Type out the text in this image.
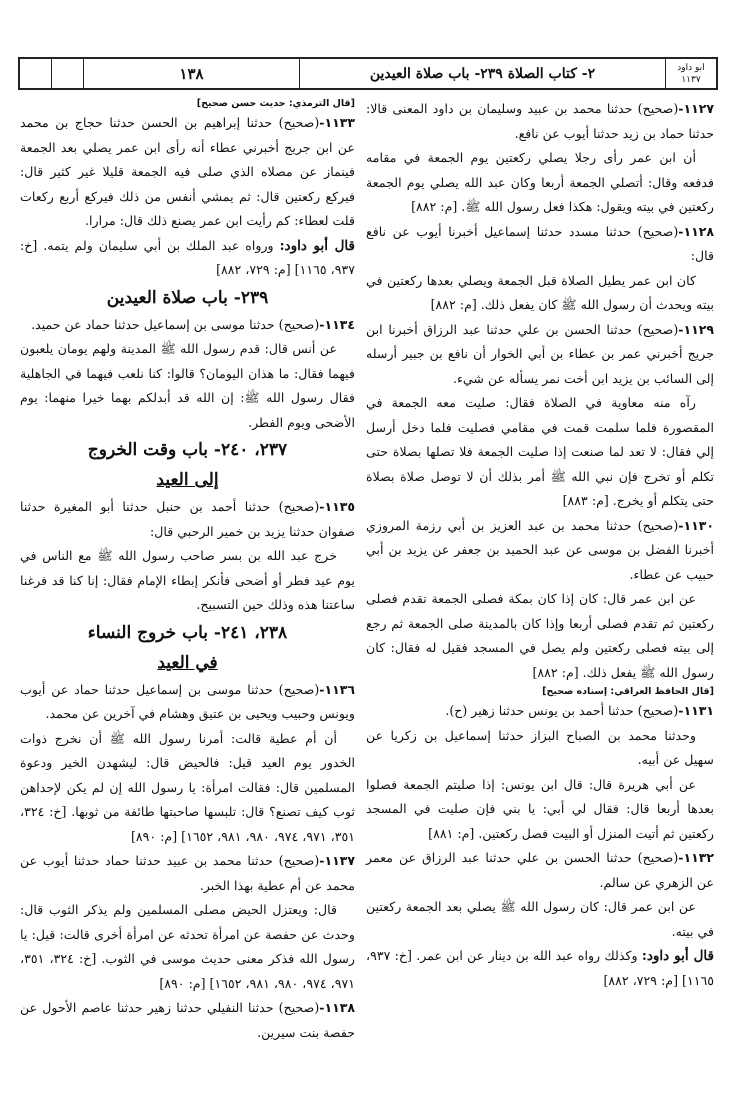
١٣٨	٢- كتاب الصلاة ٢٣٩- باب صلاة العيدين	ابو داود
١١٣٧

١١٢٧-(صحيح) حدثنا محمد بن عبيد وسليمان بن داود المعنى قالا: حدثنا حماد بن زيد حدثنا أيوب عن نافع.

أن ابن عمر رأى رجلا يصلي ركعتين يوم الجمعة في مقامه فدفعه وقال: أتصلي الجمعة أربعا وكان عبد الله يصلي يوم الجمعة ركعتين في بيته ويقول: هكذا فعل رسول الله ﷺ. [م: ٨٨٢]

١١٢٨-(صحيح) حدثنا مسدد حدثنا إسماعيل أخبرنا أيوب عن نافع قال:

كان ابن عمر يطيل الصلاة قبل الجمعة ويصلي بعدها ركعتين في بيته ويحدث أن رسول الله ﷺ كان يفعل ذلك. [م: ٨٨٢]

١١٢٩-(صحيح) حدثنا الحسن بن علي حدثنا عبد الرزاق أخبرنا ابن جريج أخبرني عمر بن عطاء بن أبي الخوار أن نافع بن جبير أرسله إلى السائب بن يزيد ابن أخت نمر يسأله عن شيء.

رآه منه معاوية في الصلاة فقال: صليت معه الجمعة في المقصورة فلما سلمت قمت في مقامي فصليت فلما دخل أرسل إلي فقال: لا تعد لما صنعت إذا صليت الجمعة فلا تصلها بصلاة حتى تكلم أو تخرج فإن نبي الله ﷺ أمر بذلك أن لا توصل صلاة بصلاة حتى يتكلم أو يخرج. [م: ٨٨٣]

١١٣٠-(صحيح) حدثنا محمد بن عبد العزيز بن أبي رزمة المروزي أخبرنا الفضل بن موسى عن عبد الحميد بن جعفر عن يزيد بن أبي حبيب عن عطاء.

عن ابن عمر قال: كان إذا كان بمكة فصلى الجمعة تقدم فصلى ركعتين ثم تقدم فصلى أربعا وإذا كان بالمدينة صلى الجمعة ثم رجع إلى بيته فصلى ركعتين ولم يصل في المسجد فقيل له فقال: كان رسول الله ﷺ يفعل ذلك. [م: ٨٨٢]

[قال الحافظ العراقي: إسناده صحيح]

١١٣١-(صحيح) حدثنا أحمد بن يونس حدثنا زهير (ح).

وحدثنا محمد بن الصباح البزاز حدثنا إسماعيل بن زكريا عن سهيل عن أبيه.

عن أبي هريرة قال: قال ابن يونس: إذا صليتم الجمعة فصلوا بعدها أربعا قال: فقال لي أبي: يا بني فإن صليت في المسجد ركعتين ثم أتيت المنزل أو البيت فصل ركعتين. [م: ٨٨١]

١١٣٢-(صحيح) حدثنا الحسن بن علي حدثنا عبد الرزاق عن معمر عن الزهري عن سالم.

عن ابن عمر قال: كان رسول الله ﷺ يصلي بعد الجمعة ركعتين في بيته.

قال أبو داود: وكذلك رواه عبد الله بن دينار عن ابن عمر. [خ: ٩٣٧، ١١٦٥] [م: ٧٢٩، ٨٨٢]

[قال الترمذي: حديث حسن صحيح]

١١٣٣-(صحيح) حدثنا إبراهيم بن الحسن حدثنا حجاج بن محمد عن ابن جريج أخبرني عطاء أنه رأى ابن عمر يصلي بعد الجمعة فينماز عن مصلاه الذي صلى فيه الجمعة قليلا غير كثير قال: فيركع ركعتين قال: ثم يمشي أنفس من ذلك فيركع أربع ركعات قلت لعطاء: كم رأيت ابن عمر يصنع ذلك قال: مرارا.

قال أبو داود: ورواه عبد الملك بن أبي سليمان ولم يتمه. [خ: ٩٣٧، ١١٦٥] [م: ٧٢٩، ٨٨٢]

٢٣٩- باب صلاة العيدين

١١٣٤-(صحيح) حدثنا موسى بن إسماعيل حدثنا حماد عن حميد.

عن أنس قال: قدم رسول الله ﷺ المدينة ولهم يومان يلعبون فيهما فقال: ما هذان اليومان؟ قالوا: كنا نلعب فيهما في الجاهلية فقال رسول الله ﷺ: إن الله قد أبدلكم بهما خيرا منهما: يوم الأضحى ويوم الفطر.

٢٣٧، ٢٤٠- باب وقت الخروج
إلى العيد

١١٣٥-(صحيح) حدثنا أحمد بن حنبل حدثنا أبو المغيرة حدثنا صفوان حدثنا يزيد بن خمير الرحبي قال:

خرج عبد الله بن بسر صاحب رسول الله ﷺ مع الناس في يوم عيد فطر أو أضحى فأنكر إبطاء الإمام فقال: إنا كنا قد فرغنا ساعتنا هذه وذلك حين التسبيح.

٢٣٨، ٢٤١- باب خروج النساء
في العيد

١١٣٦-(صحيح) حدثنا موسى بن إسماعيل حدثنا حماد عن أيوب ويونس وحبيب ويحيى بن عتيق وهشام في آخرين عن محمد.

أن أم عطية قالت: أمرنا رسول الله ﷺ أن نخرج ذوات الخدور يوم العيد قيل: فالحيض قال: ليشهدن الخير ودعوة المسلمين قال: فقالت امرأة: يا رسول الله إن لم يكن لإحداهن ثوب كيف تصنع؟ قال: تلبسها صاحبتها طائفة من ثوبها. [خ: ٣٢٤، ٣٥١، ٩٧١، ٩٧٤، ٩٨٠، ٩٨١، ١٦٥٢] [م: ٨٩٠]

١١٣٧-(صحيح) حدثنا محمد بن عبيد حدثنا حماد حدثنا أيوب عن محمد عن أم عطية بهذا الخبر.

قال: ويعتزل الحيض مصلى المسلمين ولم يذكر الثوب قال: وحدث عن حفصة عن امرأة تحدثه عن امرأة أخرى قالت: قيل: يا رسول الله فذكر معنى حديث موسى في الثوب. [خ: ٣٢٤، ٣٥١، ٩٧١، ٩٧٤، ٩٨٠، ٩٨١، ١٦٥٢] [م: ٨٩٠]

١١٣٨-(صحيح) حدثنا النفيلي حدثنا زهير حدثنا عاصم الأحول عن حفصة بنت سيرين.
